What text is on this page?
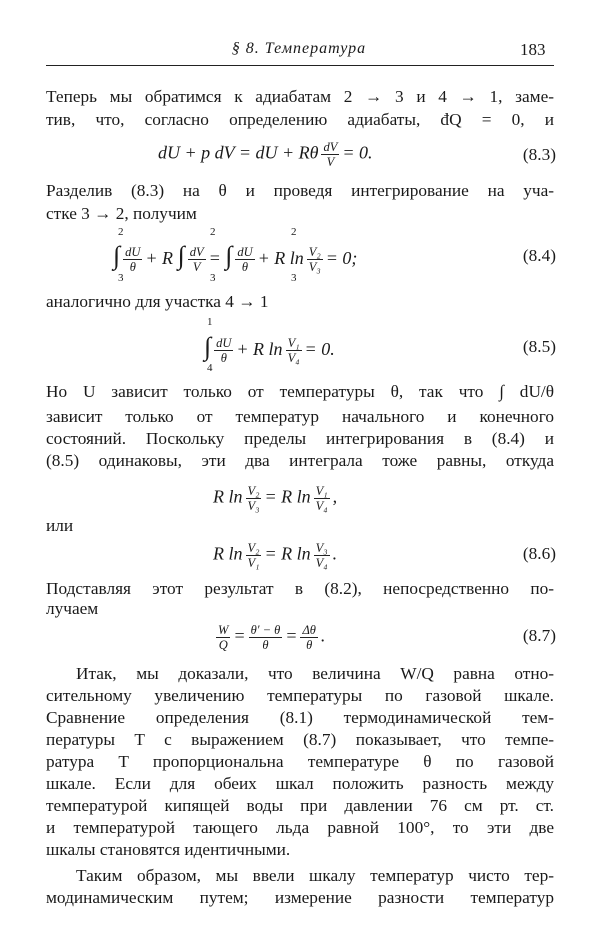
§ 8. Температура	183
Теперь мы обратимся к адиабатам 2 → 3 и 4 → 1, заме-
тив, что, согласно определению адиабаты, đQ = 0, и
dU + p dV = dU + Rθ $\frac{dV}{V} = 0$.	(8.3)
Разделив (8.3) на θ и проведя интегрирование на уча-
стке 3 → 2, получим
∫ $\frac{dU}{\theta} + R$ ∫ $\frac{dV}{V}$ = ∫ $\frac{dU}{\theta} + R$ $\ln \frac{\text{V₂}}{\text{V₃}} = 0$;
2
3
2
3
2
3
(8.4)
аналогично для участка 4 → 1
∫ $\frac{dU}{\theta} + R$ $\ln \frac{\text{V₁}}{\text{V₄}} = 0$.
1
4
(8.5)
Но U зависит только от температуры θ, так что ∫ dU/θ
зависит только от температур начального и конечного
состояний. Поскольку пределы интегрирования в (8.4) и
(8.5) одинаковы, эти два интеграла тоже равны, откуда
R $\ln \frac{\text{V₂}}{\text{V₃}} = R$ $\ln \frac{\text{V₁}}{\text{V₄}}$ ,
или
R $\ln \frac{\text{V₂}}{\text{V₁}} = R$ $\ln \frac{\text{V₃}}{\text{V₄}}$ .	(8.6)
Подставляя этот результат в (8.2), непосредственно по-
лучаем
$\frac{W}{Q} = \frac{\theta' - \theta}{\theta} = \frac{\Delta\theta}{\theta}$ .	(8.7)
Итак, мы доказали, что величина W/Q равна отно-
сительному увеличению температуры по газовой шкале.
Сравнение определения (8.1) термодинамической тем-
пературы T с выражением (8.7) показывает, что темпе-
ратура T пропорциональна температуре θ по газовой
шкале. Если для обеих шкал положить разность между
температурой кипящей воды при давлении 76 см рт. ст.
и температурой тающего льда равной 100°, то эти две
шкалы становятся идентичными.
Таким образом, мы ввели шкалу температур чисто тер-
модинамическим путем; измерение разности температур
